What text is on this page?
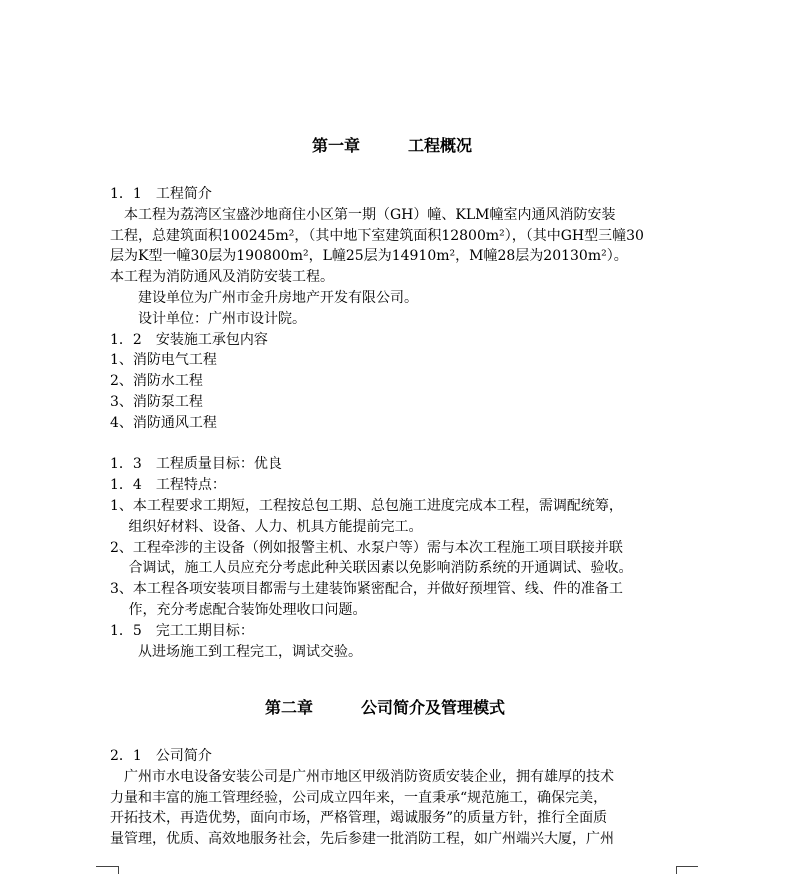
第一章	工程概况
1．1　工程简介
　本工程为荔湾区宝盛沙地商住小区第一期（GH）幢、KLM幢室内通风消防安装
工程，总建筑面积100245m²，（其中地下室建筑面积12800m²），（其中GH型三幢30
层为K型一幢30层为190800m²，L幢25层为14910m²，M幢28层为20130m²）。
本工程为消防通风及消防安装工程。
　　建设单位为广州市金升房地产开发有限公司。
　　设计单位：广州市设计院。
1．2　安装施工承包内容
1、消防电气工程
2、消防水工程
3、消防泵工程
4、消防通风工程
1．3　工程质量目标：优良
1．4　工程特点：
1、本工程要求工期短，工程按总包工期、总包施工进度完成本工程，需调配统筹，
　 组织好材料、设备、人力、机具方能提前完工。
2、工程牵涉的主设备（例如报警主机、水泵户等）需与本次工程施工项目联接并联
　 合调试，施工人员应充分考虑此种关联因素以免影响消防系统的开通调试、验收。
3、本工程各项安装项目都需与土建装饰紧密配合，并做好预埋管、线、件的准备工
　 作，充分考虑配合装饰处理收口问题。
1．5　完工工期目标：
　　从进场施工到工程完工，调试交验。
第二章	公司简介及管理模式
2．1　公司简介
　广州市水电设备安装公司是广州市地区甲级消防资质安装企业，拥有雄厚的技术
力量和丰富的施工管理经验，公司成立四年来，一直秉承“规范施工，确保完美，
开拓技术，再造优势，面向市场，严格管理，竭诚服务”的质量方针，推行全面质
量管理，优质、高效地服务社会，先后参建一批消防工程，如广州端兴大厦，广州
